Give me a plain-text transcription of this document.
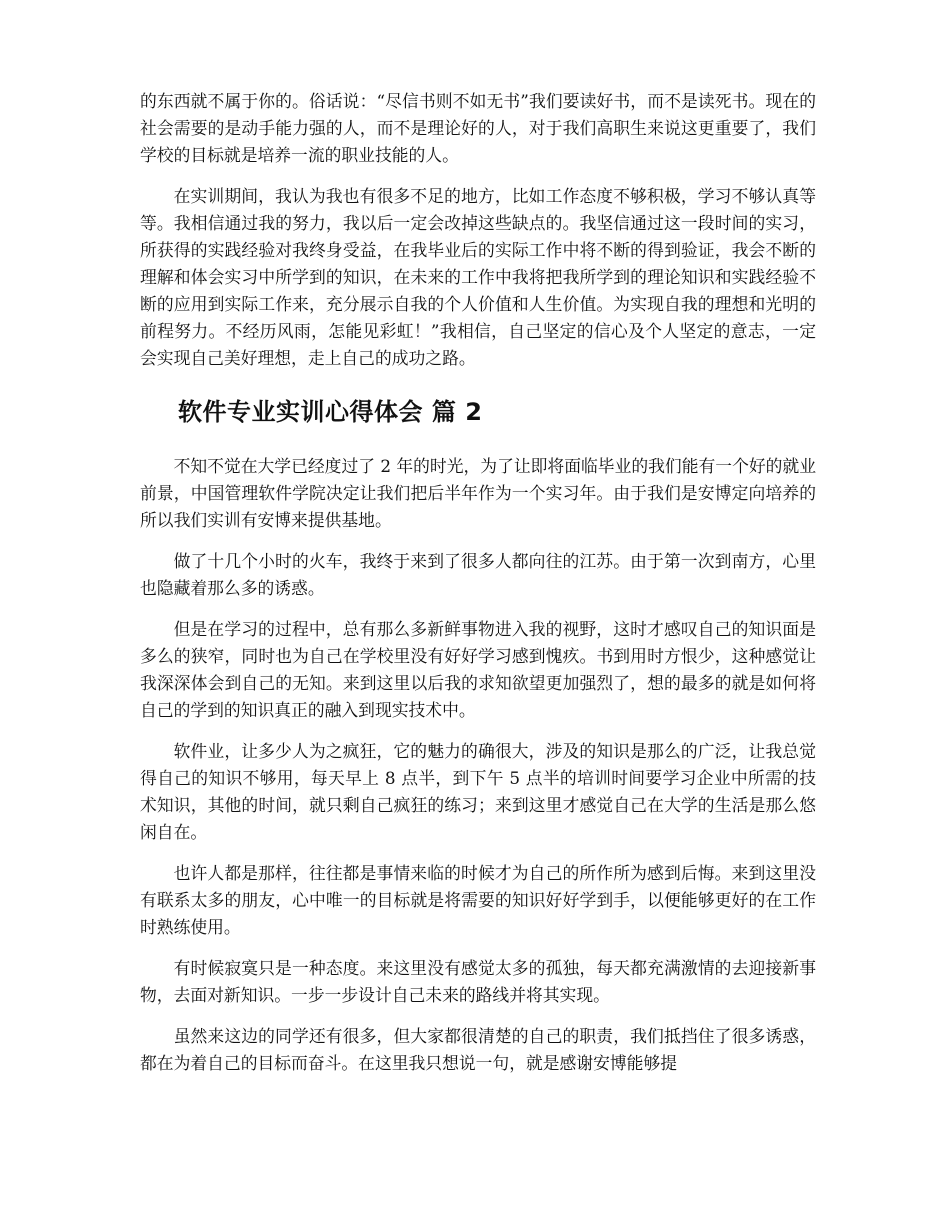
的东西就不属于你的。俗话说：“尽信书则不如无书”我们要读好书，而不是读死书。现在的社会需要的是动手能力强的人，而不是理论好的人，对于我们高职生来说这更重要了，我们学校的目标就是培养一流的职业技能的人。

在实训期间，我认为我也有很多不足的地方，比如工作态度不够积极，学习不够认真等等。我相信通过我的努力，我以后一定会改掉这些缺点的。我坚信通过这一段时间的实习，所获得的实践经验对我终身受益，在我毕业后的实际工作中将不断的得到验证，我会不断的理解和体会实习中所学到的知识，在未来的工作中我将把我所学到的理论知识和实践经验不断的应用到实际工作来，充分展示自我的个人价值和人生价值。为实现自我的理想和光明的前程努力。不经历风雨，怎能见彩虹！”我相信，自己坚定的信心及个人坚定的意志，一定会实现自己美好理想，走上自己的成功之路。

软件专业实训心得体会 篇 2

不知不觉在大学已经度过了 2 年的时光，为了让即将面临毕业的我们能有一个好的就业前景，中国管理软件学院决定让我们把后半年作为一个实习年。由于我们是安博定向培养的所以我们实训有安博来提供基地。

做了十几个小时的火车，我终于来到了很多人都向往的江苏。由于第一次到南方，心里也隐藏着那么多的诱惑。

但是在学习的过程中，总有那么多新鲜事物进入我的视野，这时才感叹自己的知识面是多么的狭窄，同时也为自己在学校里没有好好学习感到愧疚。书到用时方恨少，这种感觉让我深深体会到自己的无知。来到这里以后我的求知欲望更加强烈了，想的最多的就是如何将自己的学到的知识真正的融入到现实技术中。

软件业，让多少人为之疯狂，它的魅力的确很大，涉及的知识是那么的广泛，让我总觉得自己的知识不够用，每天早上 8 点半，到下午 5 点半的培训时间要学习企业中所需的技术知识，其他的时间，就只剩自己疯狂的练习；来到这里才感觉自己在大学的生活是那么悠闲自在。

也许人都是那样，往往都是事情来临的时候才为自己的所作所为感到后悔。来到这里没有联系太多的朋友，心中唯一的目标就是将需要的知识好好学到手，以便能够更好的在工作时熟练使用。

有时候寂寞只是一种态度。来这里没有感觉太多的孤独，每天都充满激情的去迎接新事物，去面对新知识。一步一步设计自己未来的路线并将其实现。

虽然来这边的同学还有很多，但大家都很清楚的自己的职责，我们抵挡住了很多诱惑，都在为着自己的目标而奋斗。在这里我只想说一句，就是感谢安博能够提
